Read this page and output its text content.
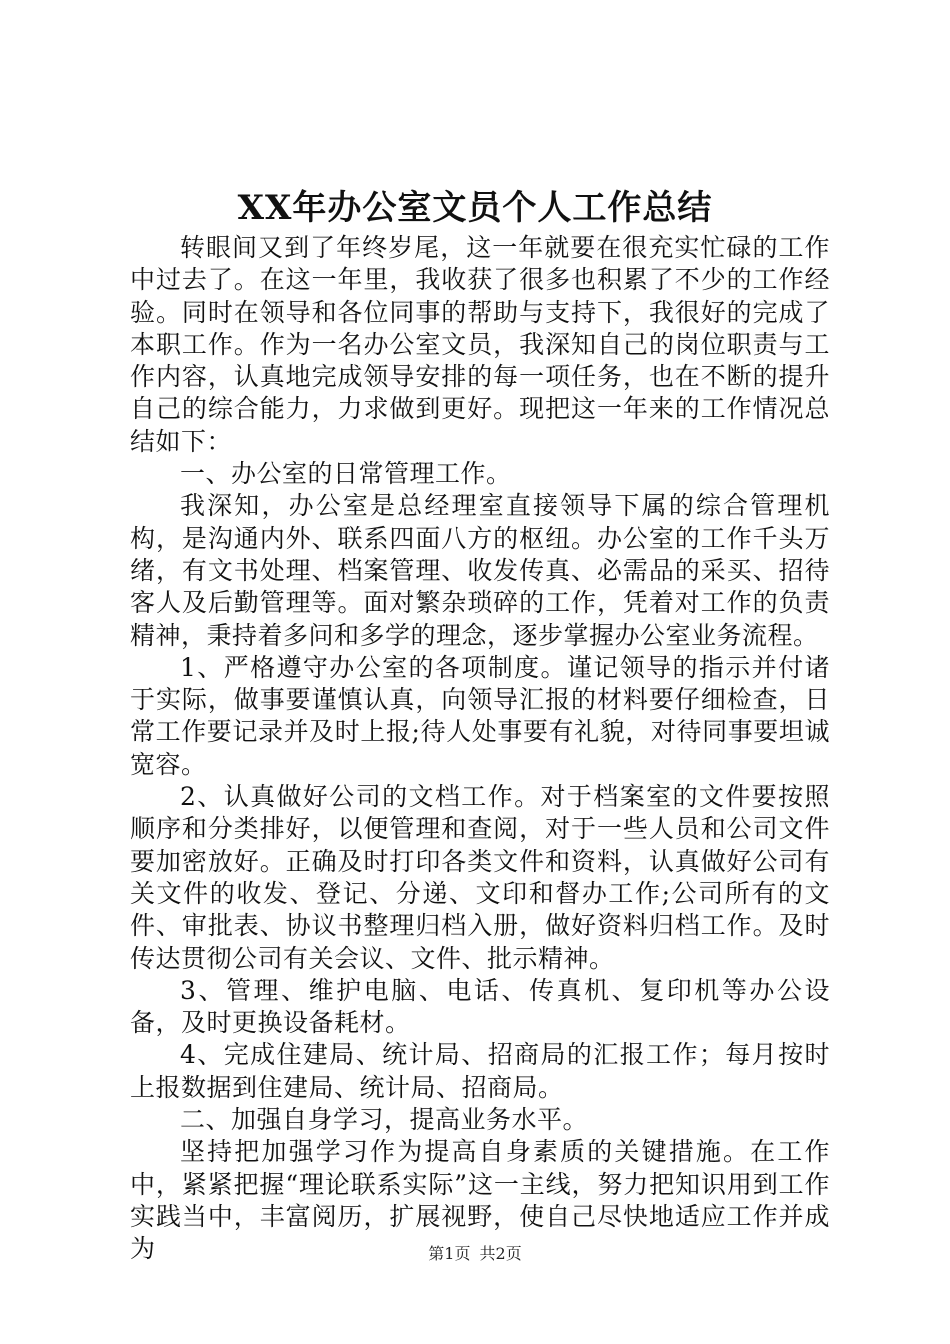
XX年办公室文员个人工作总结

转眼间又到了年终岁尾，这一年就要在很充实忙碌的工作中过去了。在这一年里，我收获了很多也积累了不少的工作经验。同时在领导和各位同事的帮助与支持下，我很好的完成了本职工作。作为一名办公室文员，我深知自己的岗位职责与工作内容，认真地完成领导安排的每一项任务，也在不断的提升自己的综合能力，力求做到更好。现把这一年来的工作情况总结如下：

一、办公室的日常管理工作。

我深知，办公室是总经理室直接领导下属的综合管理机构，是沟通内外、联系四面八方的枢纽。办公室的工作千头万绪，有文书处理、档案管理、收发传真、必需品的采买、招待客人及后勤管理等。面对繁杂琐碎的工作，凭着对工作的负责精神，秉持着多问和多学的理念，逐步掌握办公室业务流程。

1、严格遵守办公室的各项制度。谨记领导的指示并付诸于实际，做事要谨慎认真，向领导汇报的材料要仔细检查，日常工作要记录并及时上报;待人处事要有礼貌，对待同事要坦诚宽容。

2、认真做好公司的文档工作。对于档案室的文件要按照顺序和分类排好，以便管理和查阅，对于一些人员和公司文件要加密放好。正确及时打印各类文件和资料，认真做好公司有关文件的收发、登记、分递、文印和督办工作;公司所有的文件、审批表、协议书整理归档入册，做好资料归档工作。及时传达贯彻公司有关会议、文件、批示精神。

3、管理、维护电脑、电话、传真机、复印机等办公设备，及时更换设备耗材。

4、完成住建局、统计局、招商局的汇报工作；每月按时上报数据到住建局、统计局、招商局。

二、加强自身学习，提高业务水平。

坚持把加强学习作为提高自身素质的关键措施。在工作中，紧紧把握“理论联系实际”这一主线，努力把知识用到工作实践当中，丰富阅历，扩展视野，使自己尽快地适应工作并成为	第1页 共2页
